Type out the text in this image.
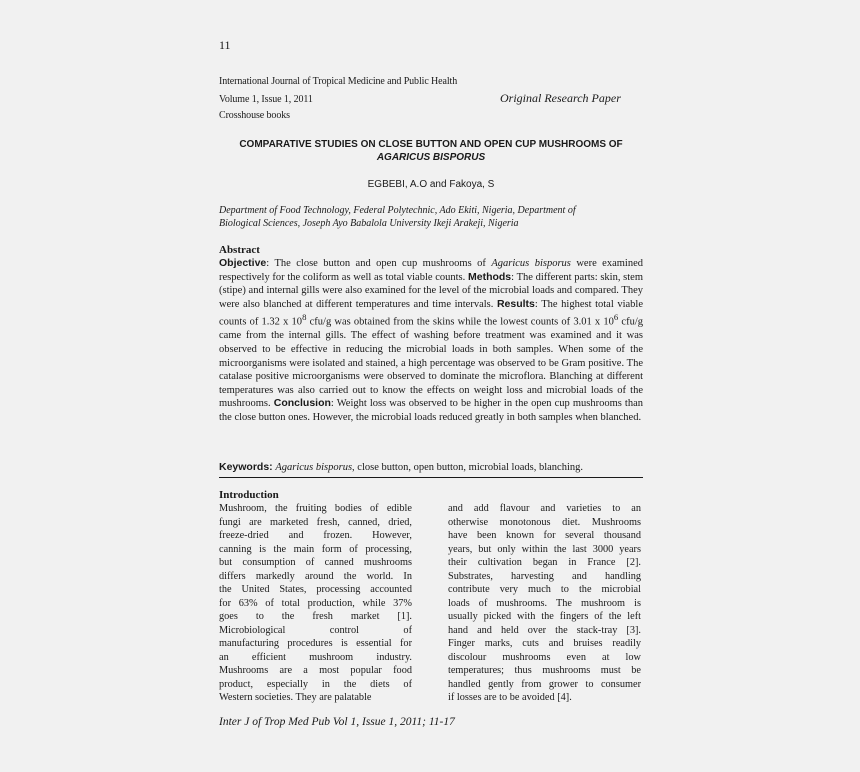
11
International Journal of Tropical Medicine and Public Health
Volume 1, Issue 1, 2011
Crosshouse books
Original Research Paper
COMPARATIVE STUDIES ON CLOSE BUTTON AND OPEN CUP MUSHROOMS OF
AGARICUS BISPORUS
EGBEBI, A.O and Fakoya, S
Department of Food Technology, Federal Polytechnic, Ado Ekiti, Nigeria, Department of
Biological Sciences, Joseph Ayo Babalola University Ikeji Arakeji, Nigeria
Abstract
Objective: The close button and open cup mushrooms of Agaricus bisporus were examined respectively for the coliform as well as total viable counts. Methods: The different parts: skin, stem (stipe) and internal gills were also examined for the level of the microbial loads and compared. They were also blanched at different temperatures and time intervals. Results: The highest total viable counts of 1.32 x $10^8$ cfu/g was obtained from the skins while the lowest counts of 3.01 x $10^6$ cfu/g came from the internal gills. The effect of washing before treatment was examined and it was observed to be effective in reducing the microbial loads in both samples. When some of the microorganisms were isolated and stained, a high percentage was observed to be Gram positive. The catalase positive microorganisms were observed to dominate the microflora. Blanching at different temperatures was also carried out to know the effects on weight loss and microbial loads of the mushrooms. Conclusion: Weight loss was observed to be higher in the open cup mushrooms than the close button ones. However, the microbial loads reduced greatly in both samples when blanched.
Keywords: Agaricus bisporus, close button, open button, microbial loads, blanching.
Introduction
Mushroom, the fruiting bodies of edible
fungi are marketed fresh, canned, dried,
freeze-dried and frozen. However,
canning is the main form of processing,
but consumption of canned mushrooms
differs markedly around the world. In
the United States, processing accounted
for 63% of total production, while 37%
goes to the fresh market [1].
Microbiological control of
manufacturing procedures is essential for
an efficient mushroom industry.
Mushrooms are a most popular food
product, especially in the diets of
Western societies. They are palatable
and add flavour and varieties to an
otherwise monotonous diet. Mushrooms
have been known for several thousand
years, but only within the last 3000 years
their cultivation began in France [2].
Substrates, harvesting and handling
contribute very much to the microbial
loads of mushrooms. The mushroom is
usually picked with the fingers of the left
hand and held over the stack-tray [3].
Finger marks, cuts and bruises readily
discolour mushrooms even at low
temperatures; thus mushrooms must be
handled gently from grower to consumer
if losses are to be avoided [4].
Inter J of Trop Med Pub Vol 1, Issue 1, 2011; 11-17
